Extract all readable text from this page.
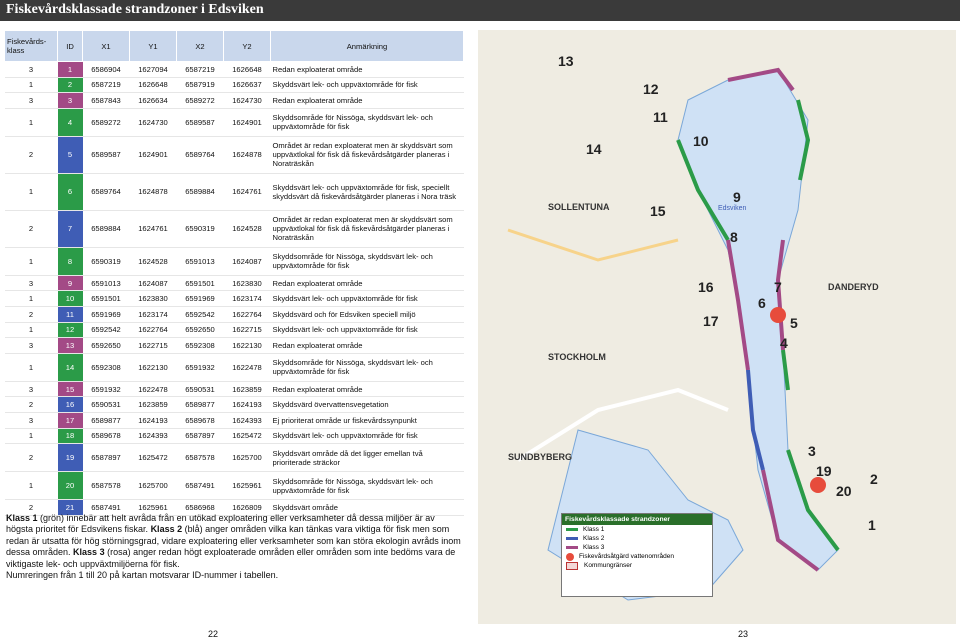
Fiskevårdsklassade strandzoner i Edsviken
Fiskevårds-klass	ID	X1	Y1	X2	Y2	Anmärkning
3	1	6586904	1627094	6587219	1626648	Redan exploaterat område
1	2	6587219	1626648	6587919	1626637	Skyddsvärt lek- och uppväxtområde för fisk
3	3	6587843	1626634	6589272	1624730	Redan exploaterat område
1	4	6589272	1624730	6589587	1624901	Skyddsområde för Nissöga, skyddsvärt lek- och uppväxtområde för fisk
2	5	6589587	1624901	6589764	1624878	Området är redan exploaterat men är skyddsvärt som uppväxtlokal för fisk då fiskevårdsåtgärder planeras i Noraträskån
1	6	6589764	1624878	6589884	1624761	Skyddsvärt lek- och uppväxtområde för fisk, speciellt skyddsvärt då fiskevårdsåtgärder planeras i Nora träsk
2	7	6589884	1624761	6590319	1624528	Området är redan exploaterat men är skyddsvärt som uppväxtlokal för fisk då fiskevårdsåtgärder planeras i Noraträskån
1	8	6590319	1624528	6591013	1624087	Skyddsområde för Nissöga, skyddsvärt lek- och uppväxtområde för fisk
3	9	6591013	1624087	6591501	1623830	Redan exploaterat område
1	10	6591501	1623830	6591969	1623174	Skyddsvärt lek- och uppväxtområde för fisk
2	11	6591969	1623174	6592542	1622764	Skyddsvärd och för Edsviken speciell miljö
1	12	6592542	1622764	6592650	1622715	Skyddsvärt lek- och uppväxtområde för fisk
3	13	6592650	1622715	6592308	1622130	Redan exploaterat område
1	14	6592308	1622130	6591932	1622478	Skyddsområde för Nissöga, skyddsvärt lek- och uppväxtområde för fisk
3	15	6591932	1622478	6590531	1623859	Redan exploaterat område
2	16	6590531	1623859	6589877	1624193	Skyddsvärd övervattensvegetation
3	17	6589877	1624193	6589678	1624393	Ej prioriterat område ur fiskevårdssynpunkt
1	18	6589678	1624393	6587897	1625472	Skyddsvärt lek- och uppväxtområde för fisk
2	19	6587897	1625472	6587578	1625700	Skyddsvärt område då det ligger emellan två prioriterade sträckor
1	20	6587578	1625700	6587491	1625961	Skyddsområde för Nissöga, skyddsvärt lek- och uppväxtområde för fisk
2	21	6587491	1625961	6586968	1626809	Skyddsvärt område
Klass 1 (grön) innebär att helt avråda från en utökad exploatering eller verksamheter då dessa miljöer är av högsta prioritet för Edsvikens fiskar. Klass 2 (blå) anger områden vilka kan tänkas vara viktiga för fisk men som redan är utsatta för hög störningsgrad, vidare exploatering eller verksamheter som kan störa ekologin avråds inom dessa områden. Klass 3 (rosa) anger redan högt exploaterade områden eller områden som inte bedöms vara de viktigaste lek- och uppväxtmiljöerna för fisk.
Numreringen från 1 till 20 på kartan motsvarar ID-nummer i tabellen.
22	23
SOLLENTUNA
STOCKHOLM
SUNDBYBERG
DANDERYD
Edsviken
13
12
11
10
14
9
15
8
16	7
6
17	5
4
3
19	2
20
1
Fiskevårdsklassade strandzoner
Klass 1
Klass 2
Klass 3
Fiskevårdsåtgärd vattenområden
Kommungränser
